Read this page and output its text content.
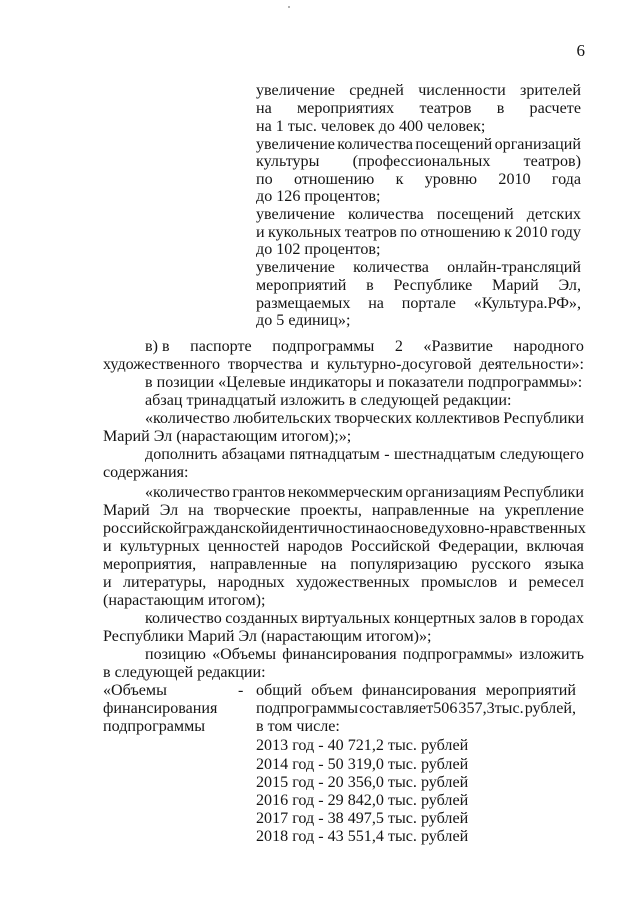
6
увеличение средней численности зрителей
на мероприятиях театров в расчете
на 1 тыс. человек до 400 человек;
увеличение количества посещений организаций
культуры (профессиональных театров)
по отношению к уровню 2010 года
до 126 процентов;
увеличение количества посещений детских
и кукольных театров по отношению к 2010 году
до 102 процентов;
увеличение количества онлайн-трансляций
мероприятий в Республике Марий Эл,
размещаемых на портале «Культура.РФ»,
до 5 единиц»;
в) в паспорте подпрограммы 2 «Развитие народного
художественного творчества и культурно-досуговой деятельности»:
в позиции «Целевые индикаторы и показатели подпрограммы»:
абзац тринадцатый изложить в следующей редакции:
«количество любительских творческих коллективов Республики
Марий Эл (нарастающим итогом);»;
дополнить абзацами пятнадцатым - шестнадцатым следующего
содержания:
«количество грантов некоммерческим организациям Республики
Марий Эл на творческие проекты, направленные на укрепление
российской гражданской идентичности на основе духовно-нравственных
и культурных ценностей народов Российской Федерации, включая
мероприятия, направленные на популяризацию русского языка
и литературы, народных художественных промыслов и ремесел
(нарастающим итогом);
количество созданных виртуальных концертных залов в городах
Республики Марий Эл (нарастающим итогом)»;
позицию «Объемы финансирования подпрограммы» изложить
в следующей редакции:
«Объемы
финансирования
подпрограммы
общий объем финансирования мероприятий
подпрограммы составляет506 357,3тыс. рублей,
в том числе:
2013 год - 40 721,2 тыс. рублей
2014 год - 50 319,0 тыс. рублей
2015 год - 20 356,0 тыс. рублей
2016 год - 29 842,0 тыс. рублей
2017 год - 38 497,5 тыс. рублей
2018 год - 43 551,4 тыс. рублей
-
